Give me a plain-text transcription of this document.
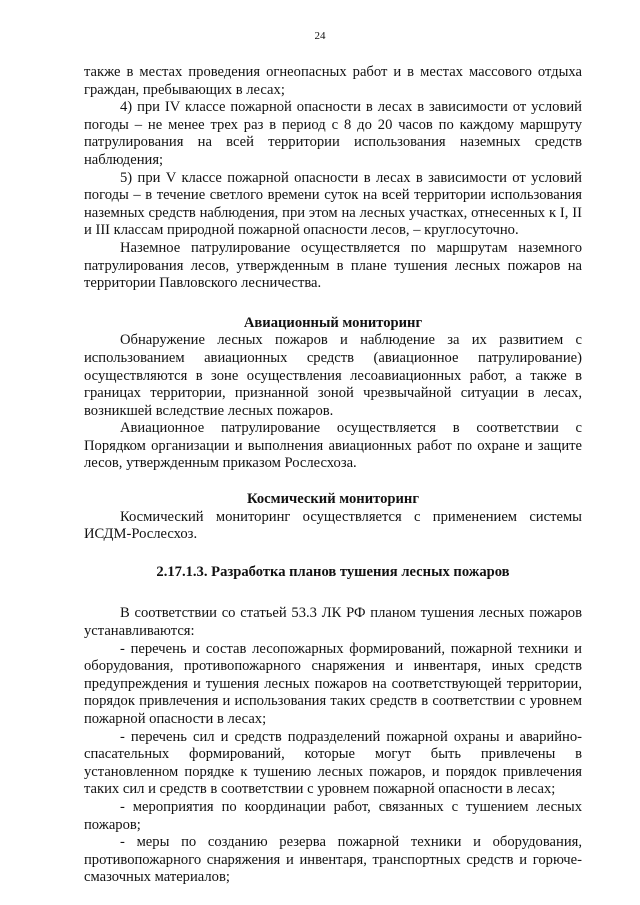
24

также в местах проведения огнеопасных работ и в местах массового отдыха граждан, пребывающих в лесах;

4) при IV классе пожарной опасности в лесах в зависимости от условий погоды – не менее трех раз в период с 8 до 20 часов по каждому маршруту патрулирования на всей территории использования наземных средств наблюдения;

5) при V классе пожарной опасности в лесах в зависимости от условий погоды – в течение светлого времени суток на всей территории использования наземных средств наблюдения, при этом на лесных участках, отнесенных к I, II и III классам природной пожарной опасности лесов, – круглосуточно.

Наземное патрулирование осуществляется по маршрутам наземного патрулирования лесов, утвержденным в плане тушения лесных пожаров на территории Павловского лесничества.

Авиационный мониторинг

Обнаружение лесных пожаров и наблюдение за их развитием с использованием авиационных средств (авиационное патрулирование) осуществляются в зоне осуществления лесоавиационных работ, а также в границах территории, признанной зоной чрезвычайной ситуации в лесах, возникшей вследствие лесных пожаров.

Авиационное патрулирование осуществляется в соответствии с Порядком организации и выполнения авиационных работ по охране и защите лесов, утвержденным приказом Рослесхоза.

Космический мониторинг

Космический мониторинг осуществляется с применением системы ИСДМ-Рослесхоз.

2.17.1.3. Разработка планов тушения лесных пожаров

В соответствии со статьей 53.3 ЛК РФ планом тушения лесных пожаров устанавливаются:

- перечень и состав лесопожарных формирований, пожарной техники и оборудования, противопожарного снаряжения и инвентаря, иных средств предупреждения и тушения лесных пожаров на соответствующей территории, порядок привлечения и использования таких средств в соответствии с уровнем пожарной опасности в лесах;

- перечень сил и средств подразделений пожарной охраны и аварийно-спасательных формирований, которые могут быть привлечены в установленном порядке к тушению лесных пожаров, и порядок привлечения таких сил и средств в соответствии с уровнем пожарной опасности в лесах;

- мероприятия по координации работ, связанных с тушением лесных пожаров;

- меры по созданию резерва пожарной техники и оборудования, противопожарного снаряжения и инвентаря, транспортных средств и горюче-смазочных материалов;
